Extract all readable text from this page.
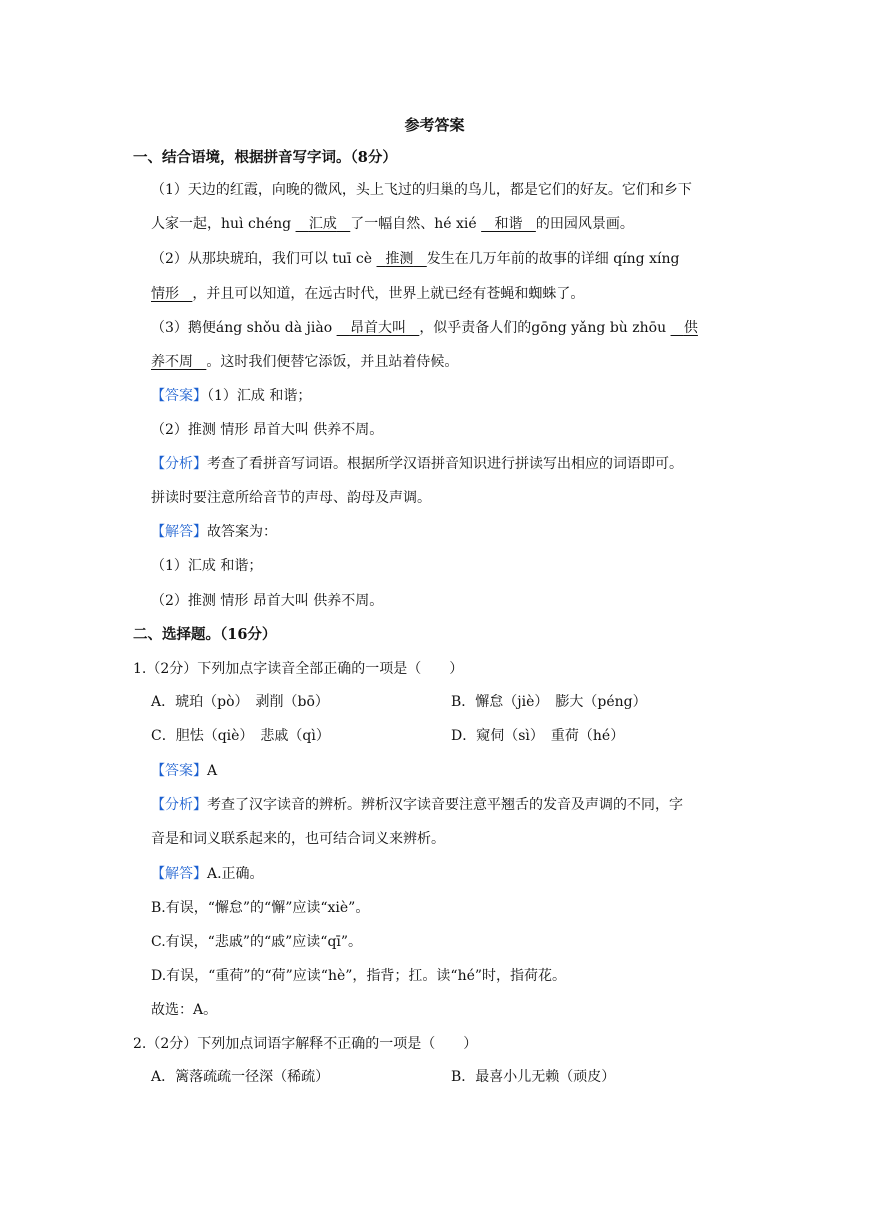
参考答案
一、结合语境，根据拼音写字词。（8分）
（1）天边的红霞，向晚的微风，头上飞过的归巢的鸟儿，都是它们的好友。它们和乡下
人家一起，huì chéng    汇成 了一幅自然、hé xié    和谐 的田园风景画。
（2）从那块琥珀，我们可以 tuī cè   推测 发生在几万年前的故事的详细 qíng xíng
情形 ，并且可以知道，在远古时代，世界上就已经有苍蝇和蜘蛛了。
（3）鹅便áng shǒu dà jiào    昂首大叫 ，似乎责备人们的gōng yǎng bù zhōu    供
养不周 。这时我们便替它添饭，并且站着侍候。
【答案】（1）汇成 和谐；
（2）推测 情形 昂首大叫 供养不周。
【分析】考查了看拼音写词语。根据所学汉语拼音知识进行拼读写出相应的词语即可。
拼读时要注意所给音节的声母、韵母及声调。
【解答】故答案为：
（1）汇成 和谐；
（2）推测 情形 昂首大叫 供养不周。
二、选择题。（16分）
1.（2分）下列加点字读音全部正确的一项是（　　）
A．琥珀（pò）　剥削（bō）	B．懈怠（jiè）　膨大（péng）
C．胆怯（qiè）　悲戚（qì）	D．窥伺（sì）　重荷（hé）
【答案】A
【分析】考查了汉字读音的辨析。辨析汉字读音要注意平翘舌的发音及声调的不同，字
音是和词义联系起来的，也可结合词义来辨析。
【解答】A.正确。
B.有误，“懈怠”的“懈”应读“xiè”。
C.有误，“悲戚”的“戚”应读“qī”。
D.有误，“重荷”的“荷”应读“hè”，指背；扛。读“hé”时，指荷花。
故选：A。
2.（2分）下列加点词语字解释不正确的一项是（　　）
A．篱落疏疏一径深（稀疏）	B．最喜小儿无赖（顽皮）
